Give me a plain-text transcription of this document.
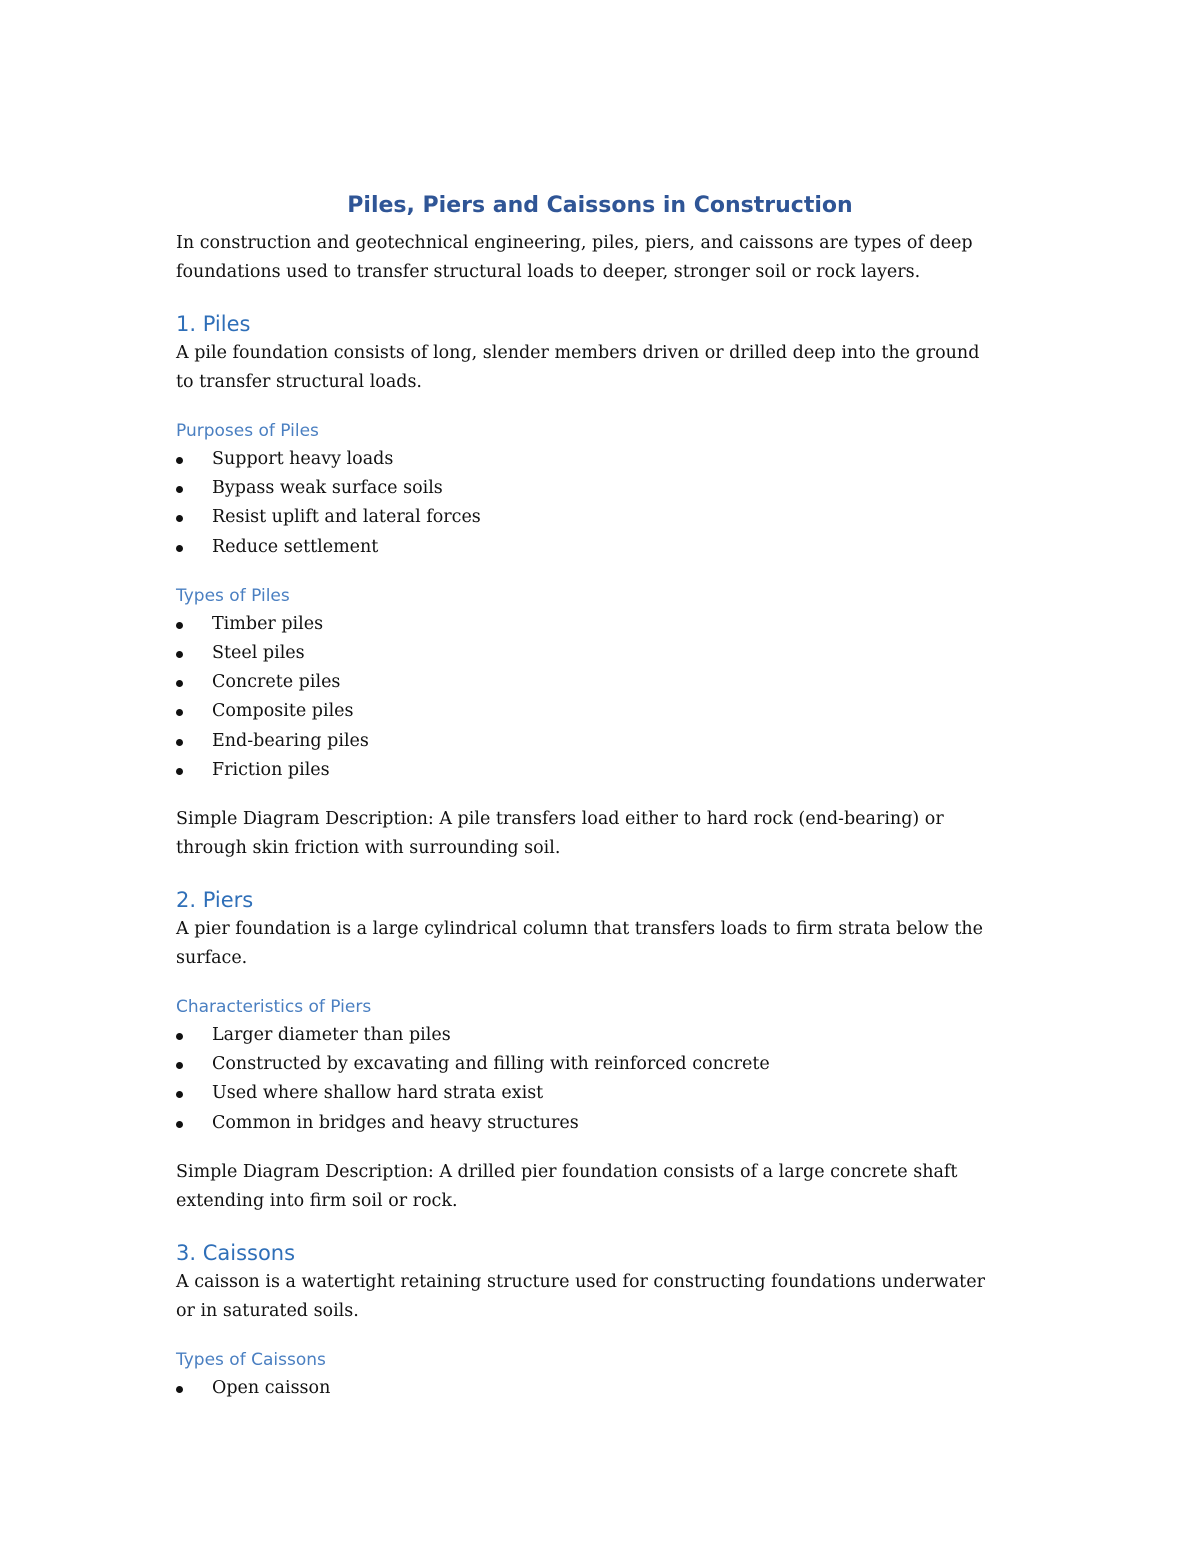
Piles, Piers and Caissons in Construction

In construction and geotechnical engineering, piles, piers, and caissons are types of deep

foundations used to transfer structural loads to deeper, stronger soil or rock layers.

1. Piles

A pile foundation consists of long, slender members driven or drilled deep into the ground

to transfer structural loads.

Purposes of Piles
Support heavy loads
Bypass weak surface soils
Resist uplift and lateral forces
Reduce settlement
Types of Piles
Timber piles
Steel piles
Concrete piles
Composite piles
End-bearing piles
Friction piles

Simple Diagram Description: A pile transfers load either to hard rock (end-bearing) or

through skin friction with surrounding soil.

2. Piers

A pier foundation is a large cylindrical column that transfers loads to firm strata below the

surface.

Characteristics of Piers
Larger diameter than piles
Constructed by excavating and filling with reinforced concrete
Used where shallow hard strata exist
Common in bridges and heavy structures

Simple Diagram Description: A drilled pier foundation consists of a large concrete shaft

extending into firm soil or rock.

3. Caissons

A caisson is a watertight retaining structure used for constructing foundations underwater

or in saturated soils.

Types of Caissons
Open caisson
